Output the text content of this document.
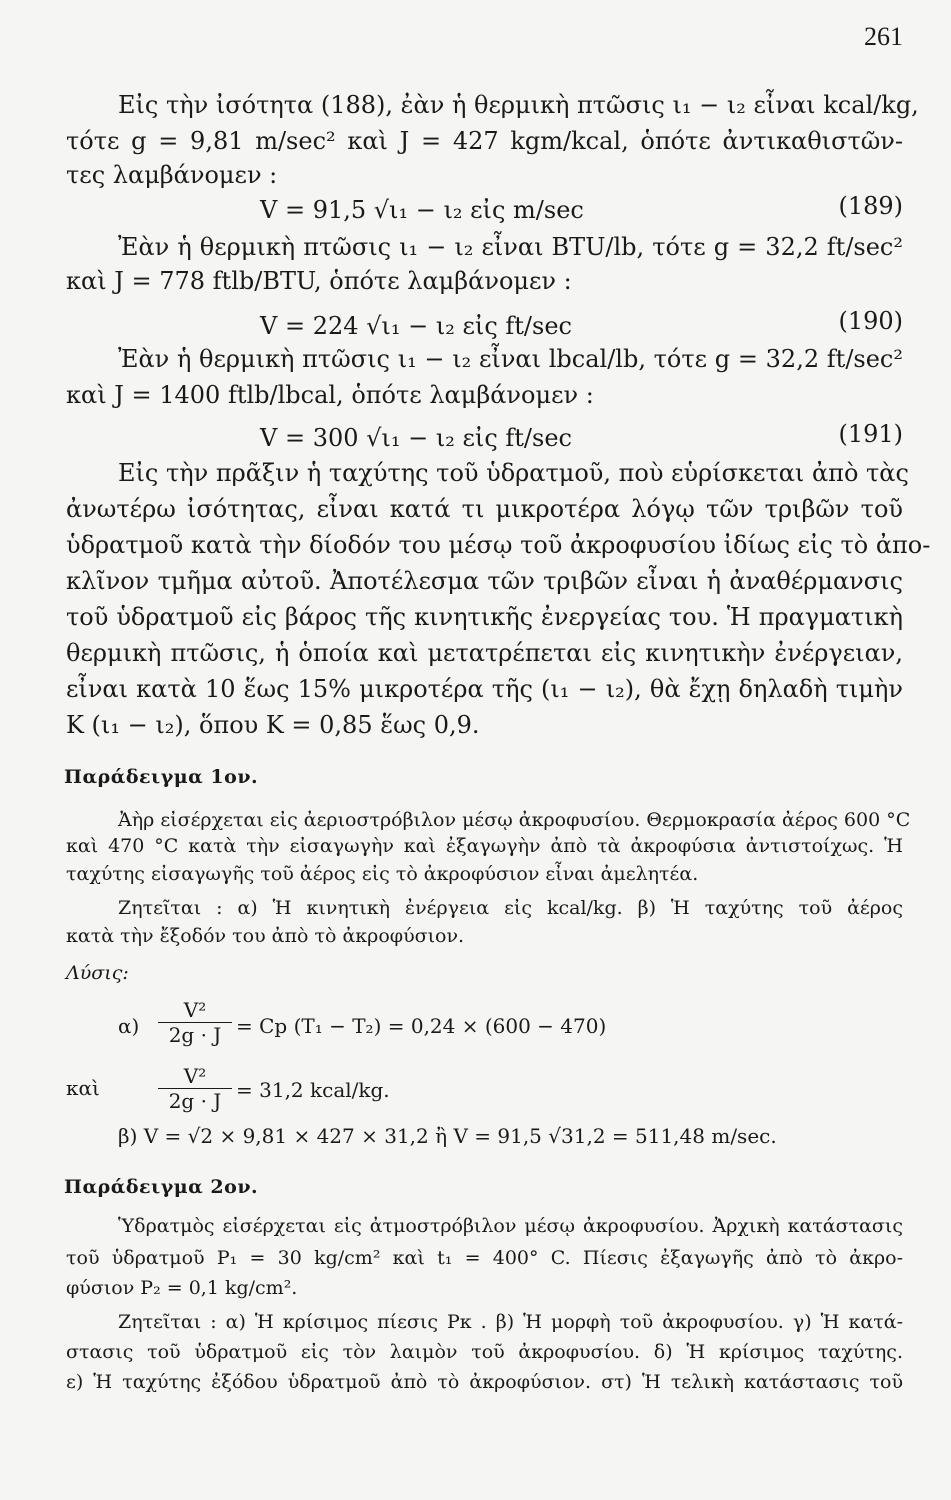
261
Εἰς τὴν ἰσότητα (188), ἐὰν ἡ θερμικὴ πτῶσις ι₁ − ι₂ εἶναι kcal/kg,
τότε g = 9,81 m/sec² καὶ J = 427 kgm/kcal, ὁπότε ἀντικαθιστῶν-
τες λαμβάνομεν :
V = 91,5 √ι₁ − ι₂ εἰς m/sec	(189)
Ἐὰν ἡ θερμικὴ πτῶσις ι₁ − ι₂ εἶναι BTU/lb, τότε g = 32,2 ft/sec²
καὶ J = 778 ftlb/BTU, ὁπότε λαμβάνομεν :
V = 224 √ι₁ − ι₂ εἰς ft/sec	(190)
Ἐὰν ἡ θερμικὴ πτῶσις ι₁ − ι₂ εἶναι lbcal/lb, τότε g = 32,2 ft/sec²
καὶ J = 1400 ftlb/lbcal, ὁπότε λαμβάνομεν :
V = 300 √ι₁ − ι₂ εἰς ft/sec	(191)
Εἰς τὴν πρᾶξιν ἡ ταχύτης τοῦ ὑδρατμοῦ, ποὺ εὑρίσκεται ἀπὸ τὰς
ἀνωτέρω ἰσότητας, εἶναι κατά τι μικροτέρα λόγῳ τῶν τριβῶν τοῦ
ὑδρατμοῦ κατὰ τὴν δίοδόν του μέσῳ τοῦ ἀκροφυσίου ἰδίως εἰς τὸ ἀπο-
κλῖνον τμῆμα αὐτοῦ. Ἀποτέλεσμα τῶν τριβῶν εἶναι ἡ ἀναθέρμανσις
τοῦ ὑδρατμοῦ εἰς βάρος τῆς κινητικῆς ἐνεργείας του. Ἡ πραγματικὴ
θερμικὴ πτῶσις, ἡ ὁποία καὶ μετατρέπεται εἰς κινητικὴν ἐνέργειαν,
εἶναι κατὰ 10 ἕως 15% μικροτέρα τῆς (ι₁ − ι₂), θὰ ἔχῃ δηλαδὴ τιμὴν
Κ (ι₁ − ι₂), ὅπου Κ = 0,85 ἕως 0,9.
Παράδειγμα 1ον.
Ἀὴρ εἰσέρχεται εἰς ἀεριοστρόβιλον μέσῳ ἀκροφυσίου. Θερμοκρασία ἀέρος 600 °C
καὶ 470 °C κατὰ τὴν εἰσαγωγὴν καὶ ἐξαγωγὴν ἀπὸ τὰ ἀκροφύσια ἀντιστοίχως. Ἡ
ταχύτης εἰσαγωγῆς τοῦ ἀέρος εἰς τὸ ἀκροφύσιον εἶναι ἀμελητέα.
Ζητεῖται : α) Ἡ κινητικὴ ἐνέργεια εἰς kcal/kg. β) Ἡ ταχύτης τοῦ ἀέρος
κατὰ τὴν ἔξοδόν του ἀπὸ τὸ ἀκροφύσιον.
Λύσις:
$\alpha) \frac{\text{V²}}{2g \cdot J} = Cp$ (T₁ − T₂) = 0,24 × (600 − 470)
καὶ	$\frac{\text{V²}}{2g \cdot J} = 31,2$ kcal/kg.
β) V = √2 × 9,81 × 427 × 31,2 ἢ V = 91,5 √31,2 = 511,48 m/sec.
Παράδειγμα 2ον.
Ὑδρατμὸς εἰσέρχεται εἰς ἀτμοστρόβιλον μέσῳ ἀκροφυσίου. Ἀρχικὴ κατάστασις
τοῦ ὑδρατμοῦ P₁ = 30 kg/cm² καὶ t₁ = 400° C. Πίεσις ἐξαγωγῆς ἀπὸ τὸ ἀκρο-
φύσιον P₂ = 0,1 kg/cm².
Ζητεῖται : α) Ἡ κρίσιμος πίεσις Pκ . β) Ἡ μορφὴ τοῦ ἀκροφυσίου. γ) Ἡ κατά-
στασις τοῦ ὑδρατμοῦ εἰς τὸν λαιμὸν τοῦ ἀκροφυσίου. δ) Ἡ κρίσιμος ταχύτης.
ε) Ἡ ταχύτης ἐξόδου ὑδρατμοῦ ἀπὸ τὸ ἀκροφύσιον. στ) Ἡ τελικὴ κατάστασις τοῦ
